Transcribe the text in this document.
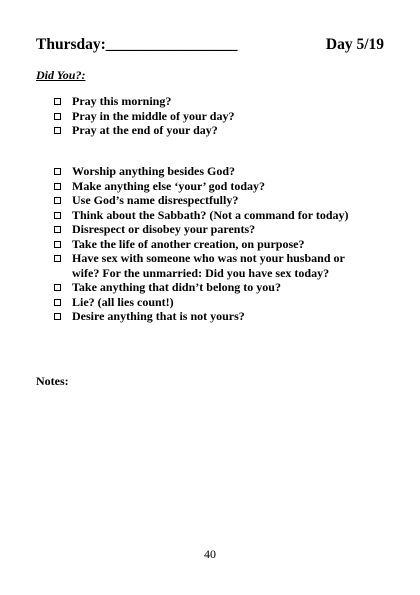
Thursday:_________________	Day 5/19
Did You?:
Pray this morning?
Pray in the middle of your day?
Pray at the end of your day?
Worship anything besides God?
Make anything else ‘your’ god today?
Use God’s name disrespectfully?
Think about the Sabbath? (Not a command for today)
Disrespect or disobey your parents?
Take the life of another creation, on purpose?
Have sex with someone who was not your husband or wife? For the unmarried: Did you have sex today?
Take anything that didn’t belong to you?
Lie? (all lies count!)
Desire anything that is not yours?
Notes:
40
